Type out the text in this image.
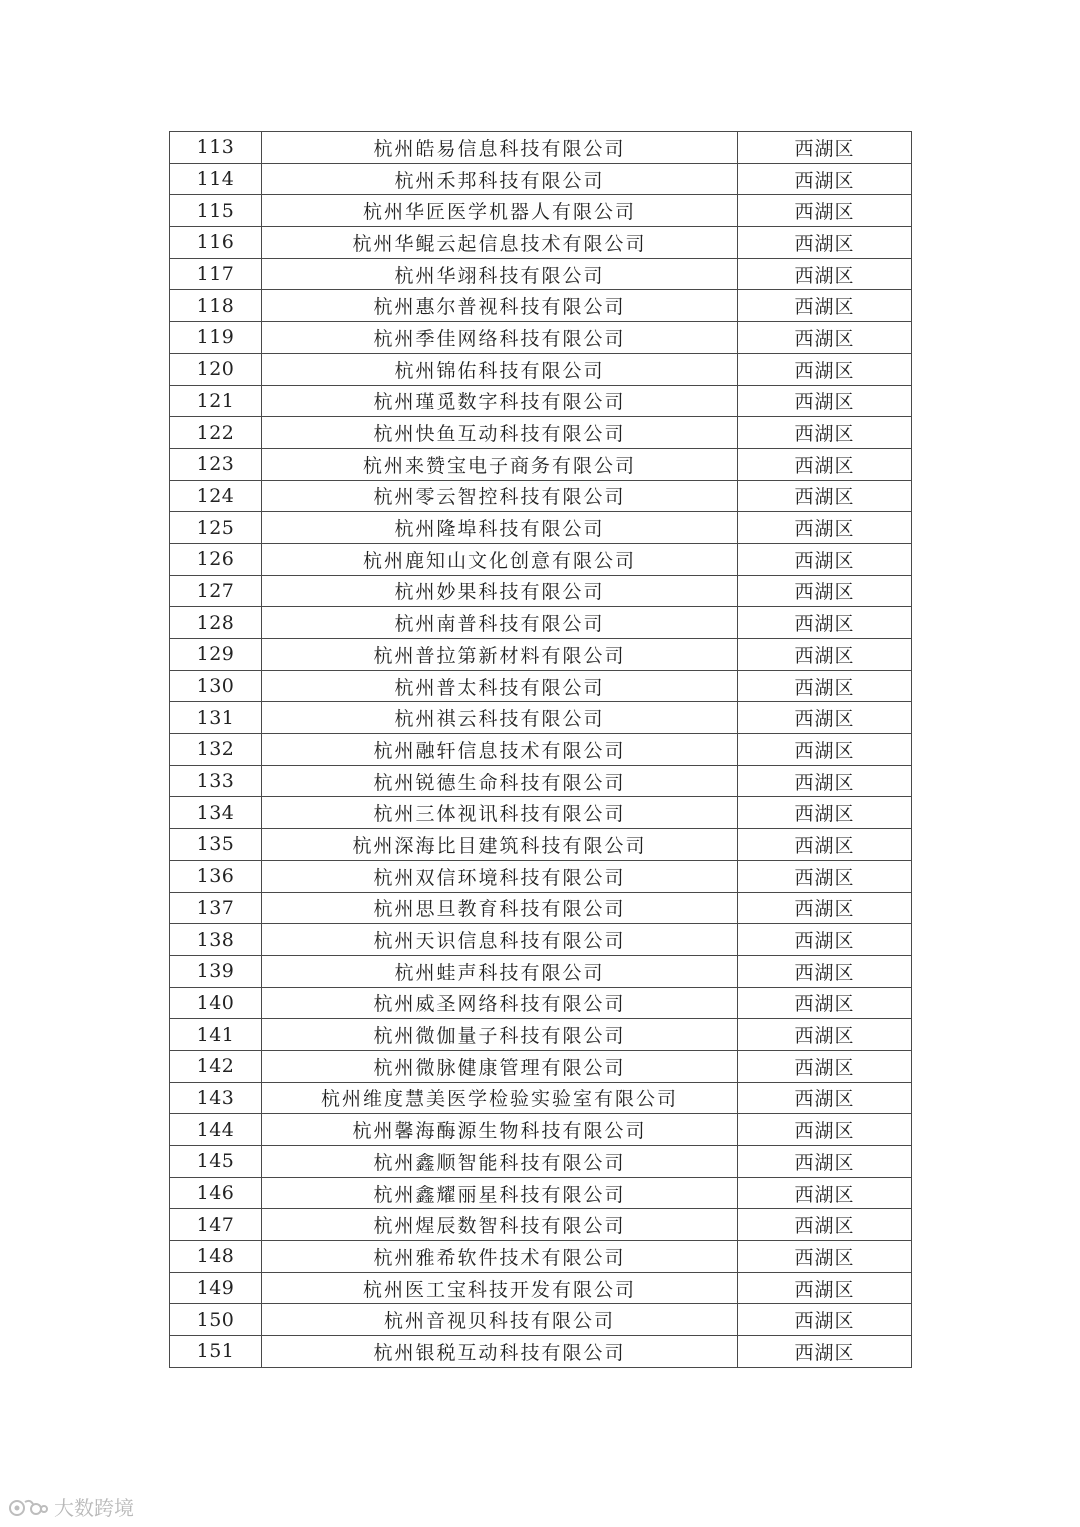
113	杭州皓易信息科技有限公司	西湖区
114	杭州禾邦科技有限公司	西湖区
115	杭州华匠医学机器人有限公司	西湖区
116	杭州华鲲云起信息技术有限公司	西湖区
117	杭州华翊科技有限公司	西湖区
118	杭州惠尔普视科技有限公司	西湖区
119	杭州季佳网络科技有限公司	西湖区
120	杭州锦佑科技有限公司	西湖区
121	杭州瑾觅数字科技有限公司	西湖区
122	杭州快鱼互动科技有限公司	西湖区
123	杭州来赞宝电子商务有限公司	西湖区
124	杭州零云智控科技有限公司	西湖区
125	杭州隆埠科技有限公司	西湖区
126	杭州鹿知山文化创意有限公司	西湖区
127	杭州妙果科技有限公司	西湖区
128	杭州南普科技有限公司	西湖区
129	杭州普拉第新材料有限公司	西湖区
130	杭州普太科技有限公司	西湖区
131	杭州祺云科技有限公司	西湖区
132	杭州融轩信息技术有限公司	西湖区
133	杭州锐德生命科技有限公司	西湖区
134	杭州三体视讯科技有限公司	西湖区
135	杭州深海比目建筑科技有限公司	西湖区
136	杭州双信环境科技有限公司	西湖区
137	杭州思旦教育科技有限公司	西湖区
138	杭州天识信息科技有限公司	西湖区
139	杭州蛙声科技有限公司	西湖区
140	杭州威圣网络科技有限公司	西湖区
141	杭州微伽量子科技有限公司	西湖区
142	杭州微脉健康管理有限公司	西湖区
143	杭州维度慧美医学检验实验室有限公司	西湖区
144	杭州馨海酶源生物科技有限公司	西湖区
145	杭州鑫顺智能科技有限公司	西湖区
146	杭州鑫耀丽星科技有限公司	西湖区
147	杭州煋辰数智科技有限公司	西湖区
148	杭州雅希软件技术有限公司	西湖区
149	杭州医工宝科技开发有限公司	西湖区
150	杭州音视贝科技有限公司	西湖区
151	杭州银税互动科技有限公司	西湖区
大数跨境
